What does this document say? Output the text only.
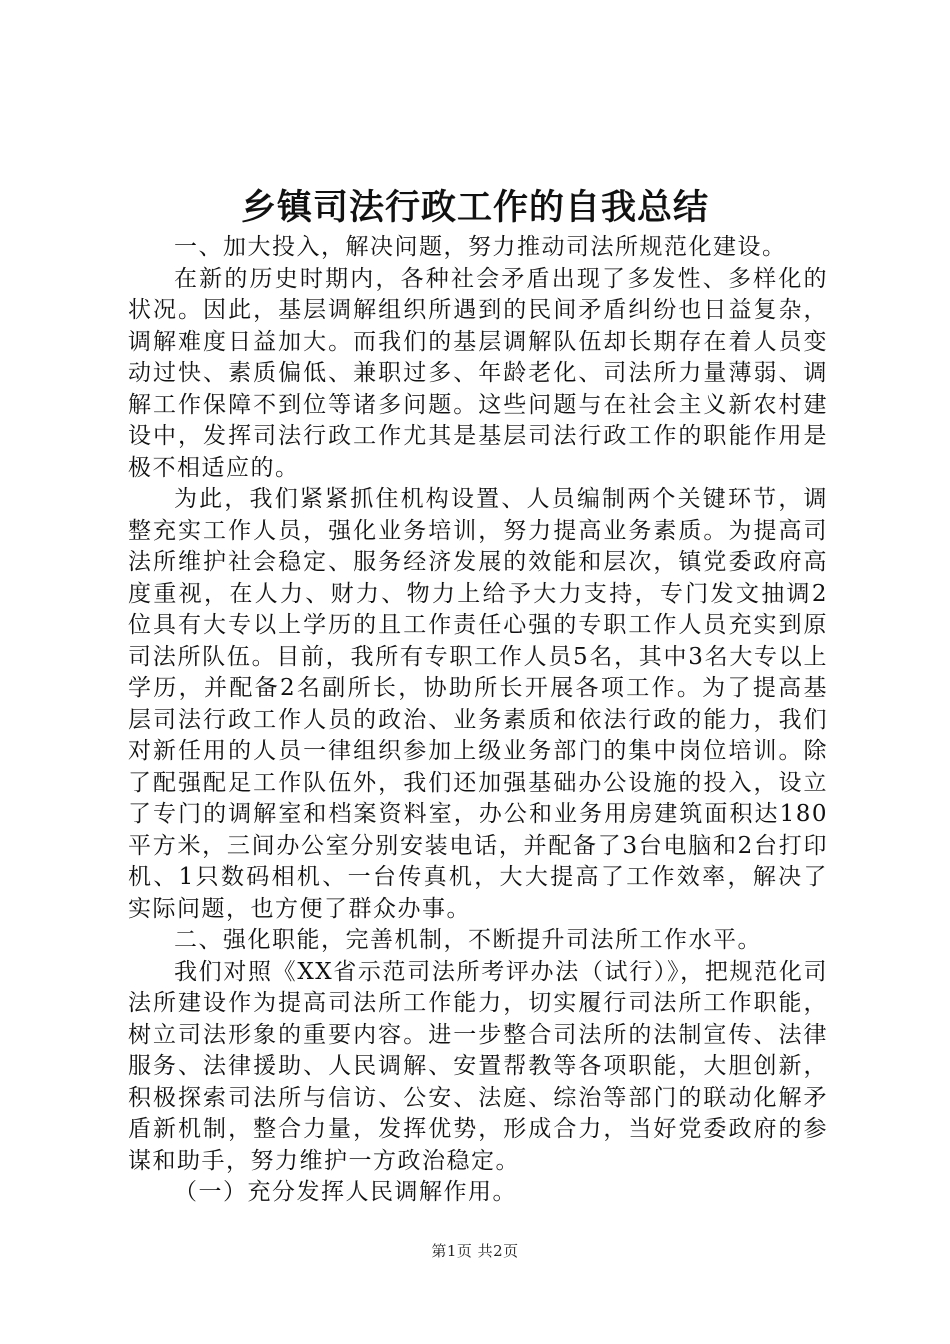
乡镇司法行政工作的自我总结

一、加大投入，解决问题，努力推动司法所规范化建设。

在新的历史时期内，各种社会矛盾出现了多发性、多样化的状况。因此，基层调解组织所遇到的民间矛盾纠纷也日益复杂，调解难度日益加大。而我们的基层调解队伍却长期存在着人员变动过快、素质偏低、兼职过多、年龄老化、司法所力量薄弱、调解工作保障不到位等诸多问题。这些问题与在社会主义新农村建设中，发挥司法行政工作尤其是基层司法行政工作的职能作用是极不相适应的。

为此，我们紧紧抓住机构设置、人员编制两个关键环节，调整充实工作人员，强化业务培训，努力提高业务素质。为提高司法所维护社会稳定、服务经济发展的效能和层次，镇党委政府高度重视，在人力、财力、物力上给予大力支持，专门发文抽调2位具有大专以上学历的且工作责任心强的专职工作人员充实到原司法所队伍。目前，我所有专职工作人员5名，其中3名大专以上学历，并配备2名副所长，协助所长开展各项工作。为了提高基层司法行政工作人员的政治、业务素质和依法行政的能力，我们对新任用的人员一律组织参加上级业务部门的集中岗位培训。除了配强配足工作队伍外，我们还加强基础办公设施的投入，设立了专门的调解室和档案资料室，办公和业务用房建筑面积达180平方米，三间办公室分别安装电话，并配备了3台电脑和2台打印机、1只数码相机、一台传真机，大大提高了工作效率，解决了实际问题，也方便了群众办事。

二、强化职能，完善机制，不断提升司法所工作水平。

我们对照《XX省示范司法所考评办法（试行）》，把规范化司法所建设作为提高司法所工作能力，切实履行司法所工作职能，树立司法形象的重要内容。进一步整合司法所的法制宣传、法律服务、法律援助、人民调解、安置帮教等各项职能，大胆创新，积极探索司法所与信访、公安、法庭、综治等部门的联动化解矛盾新机制，整合力量，发挥优势，形成合力，当好党委政府的参谋和助手，努力维护一方政治稳定。

（一）充分发挥人民调解作用。

第1页 共2页
